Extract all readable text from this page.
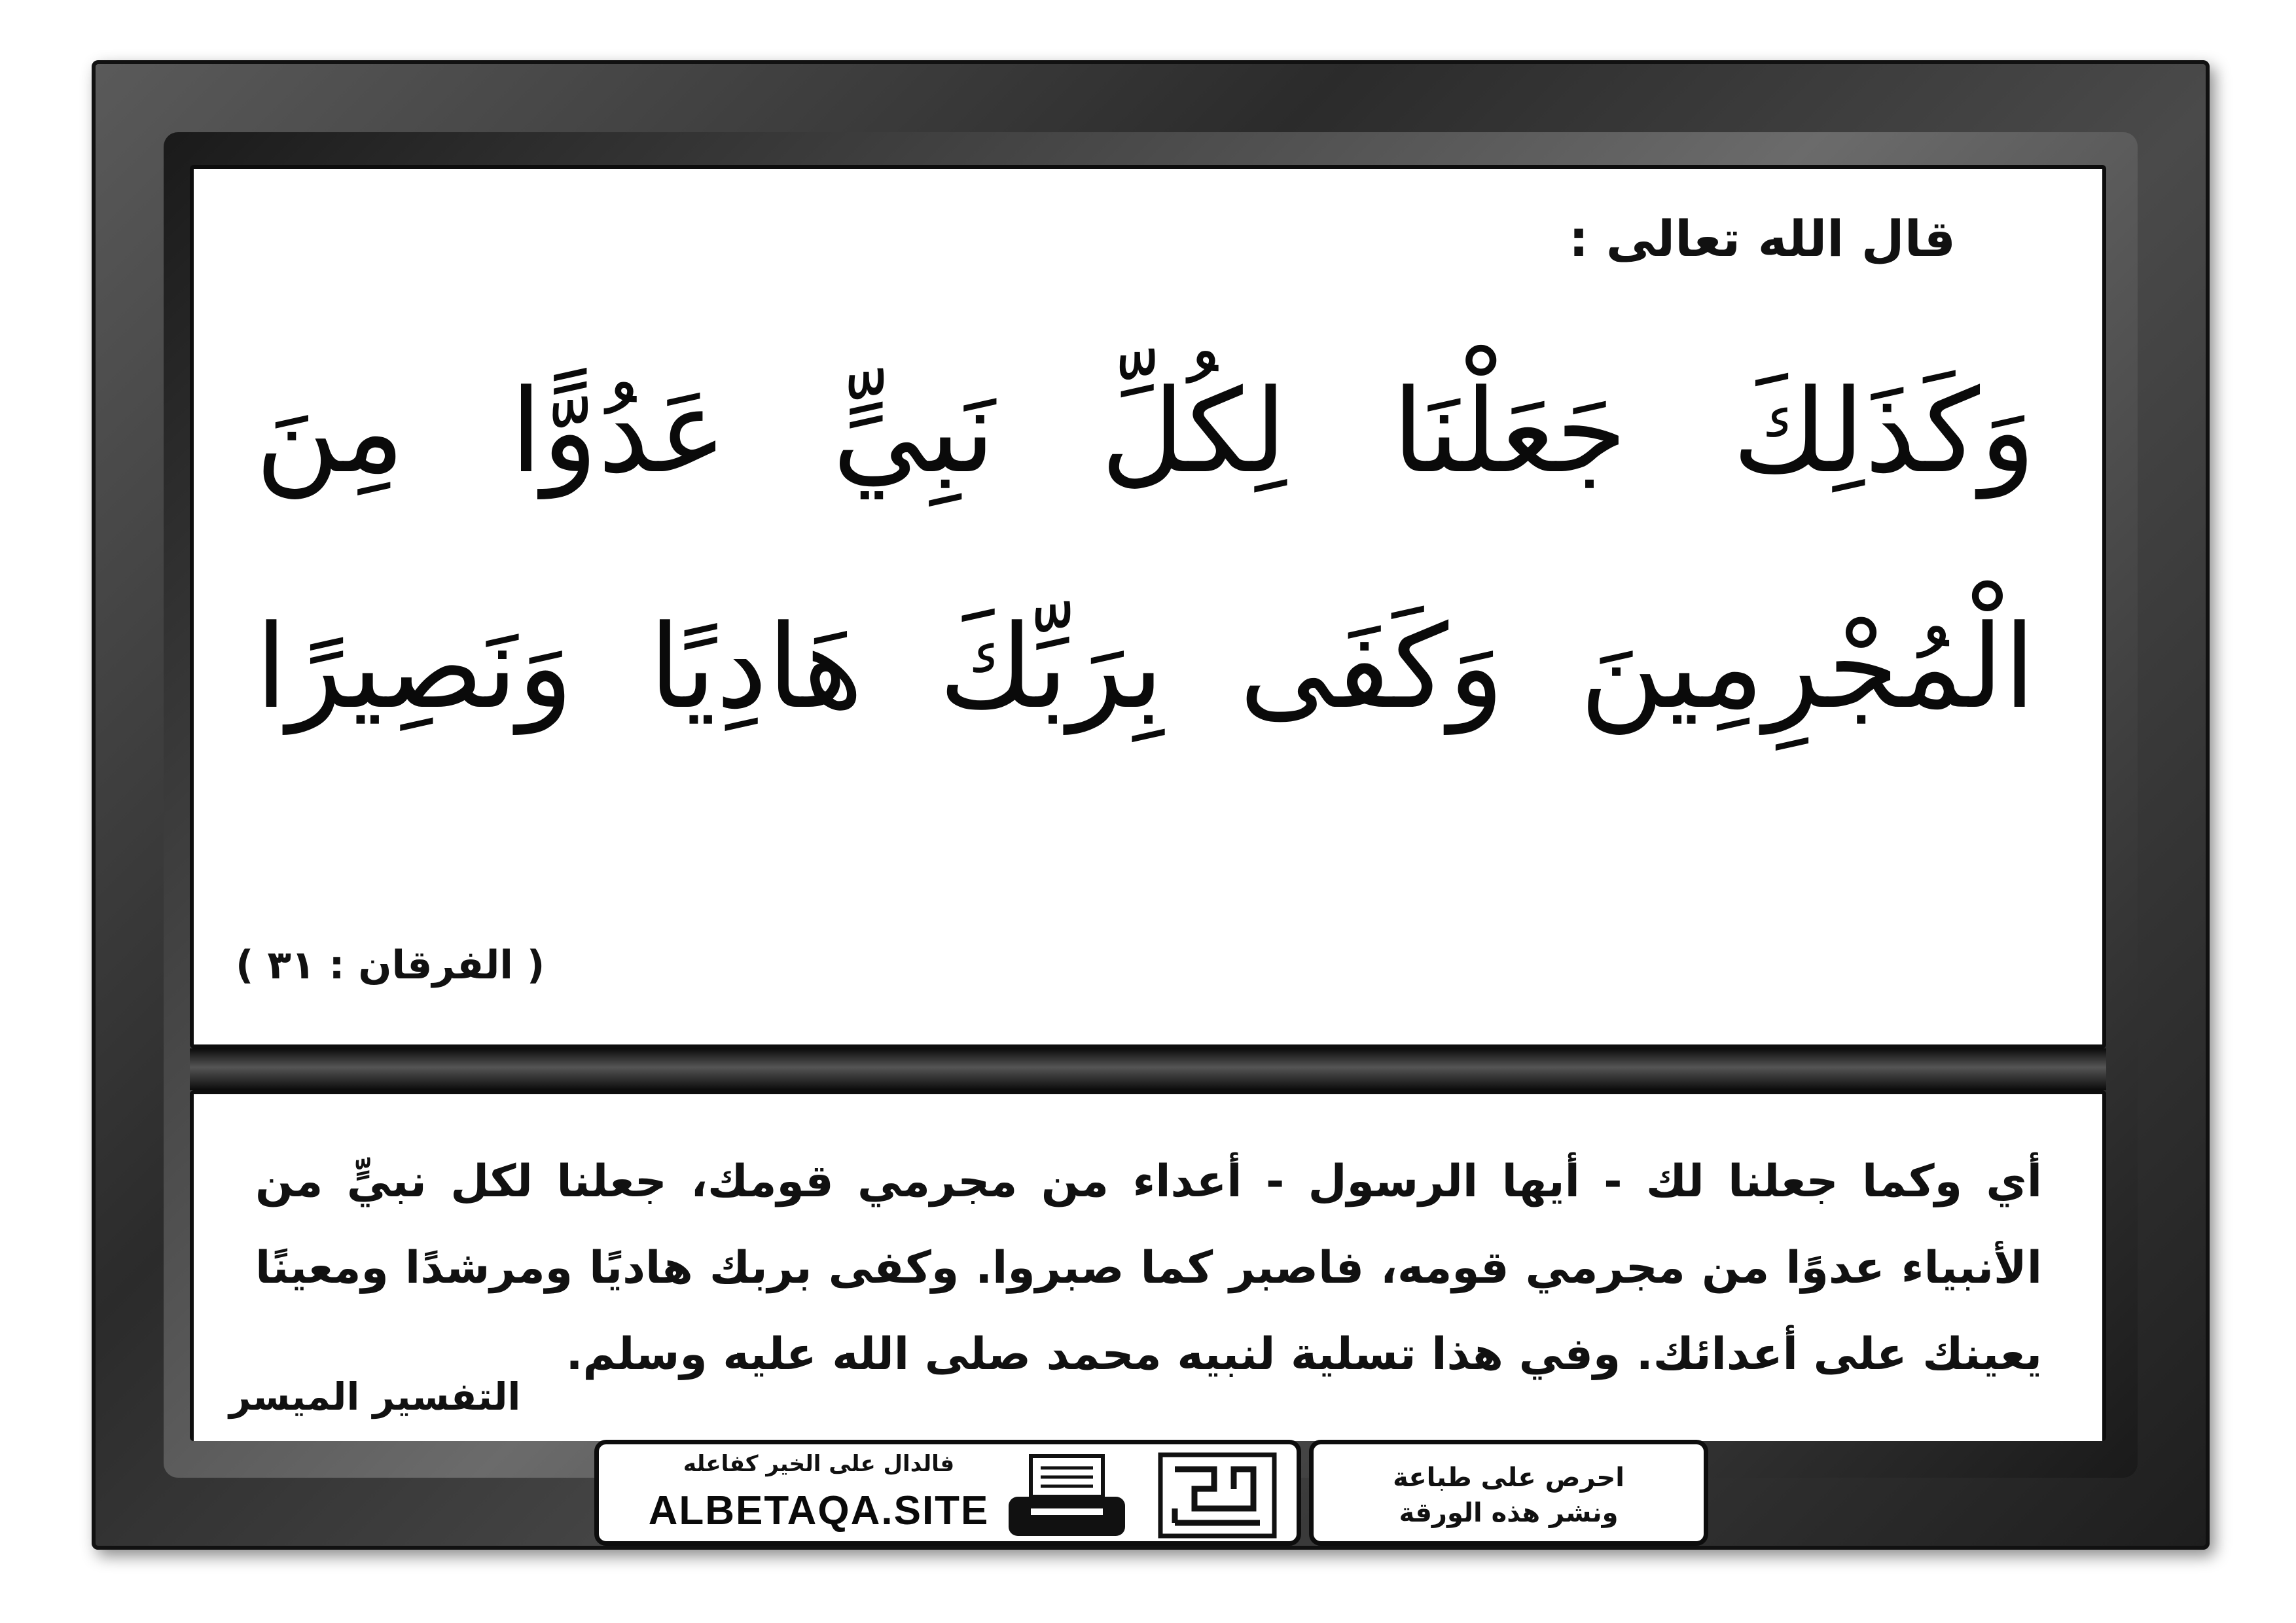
قال الله تعالى :
وَكَذَلِكَ جَعَلْنَا لِكُلِّ نَبِيٍّ عَدُوًّا مِنَ الْمُجْرِمِينَ وَكَفَى بِرَبِّكَ هَادِيًا وَنَصِيرًا
( الفرقان : ٣١ )
أي وكما جعلنا لك - أيها الرسول - أعداء من مجرمي قومك، جعلنا لكل نبيٍّ من الأنبياء عدوًا من مجرمي قومه، فاصبر كما صبروا. وكفى بربك هاديًا ومرشدًا ومعينًا يعينك على أعدائك. وفي هذا تسلية لنبيه محمد صلى الله عليه وسلم.
التفسير الميسر
فالدال على الخير كفاعله
ALBETAQA.SITE
احرص على طباعة
ونشر هذه الورقة
